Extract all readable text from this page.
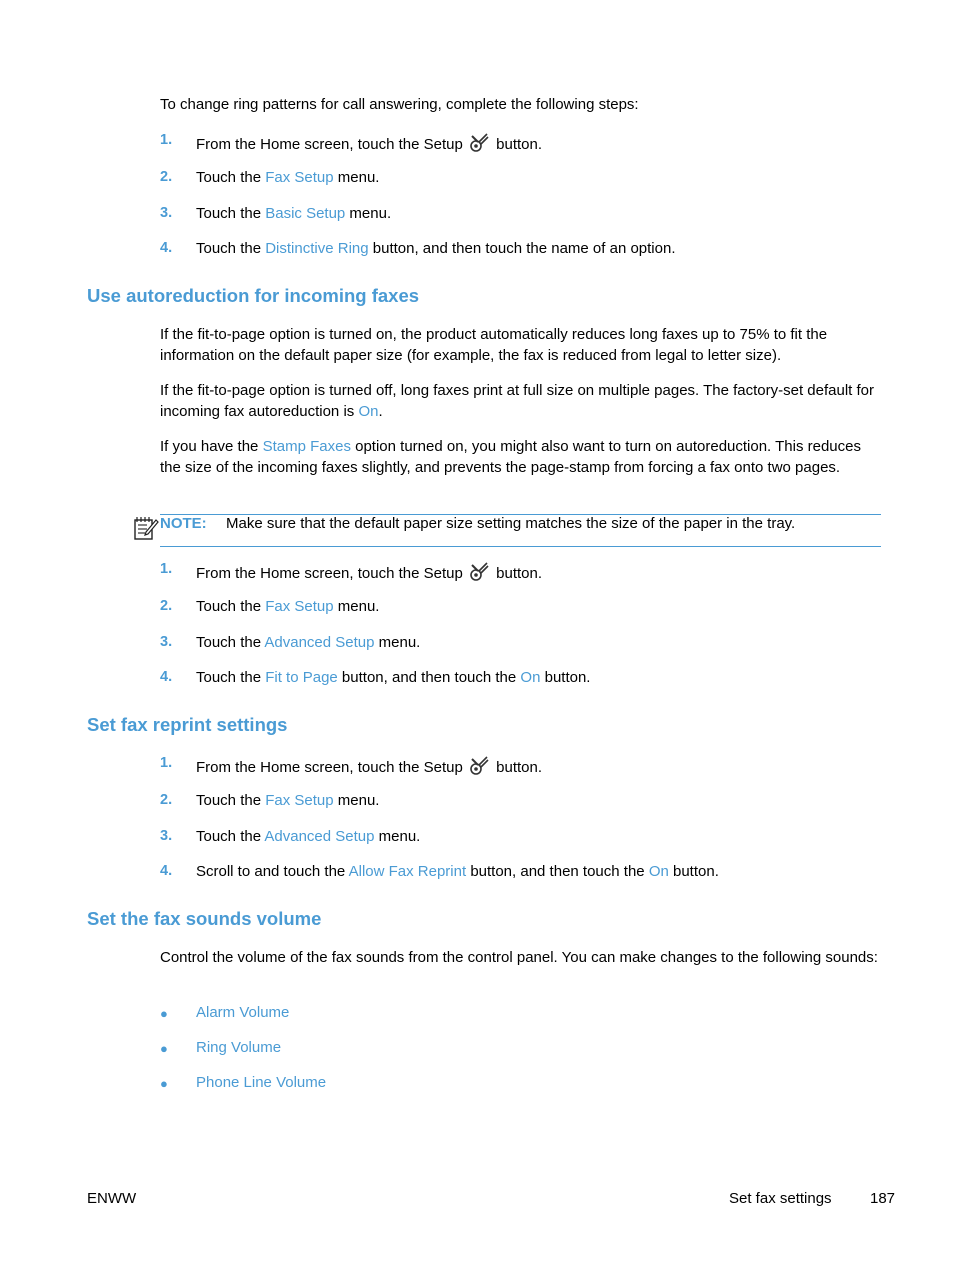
To change ring patterns for call answering, complete the following steps:
1. From the Home screen, touch the Setup button.
2. Touch the Fax Setup menu.
3. Touch the Basic Setup menu.
4. Touch the Distinctive Ring button, and then touch the name of an option.
Use autoreduction for incoming faxes
If the fit-to-page option is turned on, the product automatically reduces long faxes up to 75% to fit the information on the default paper size (for example, the fax is reduced from legal to letter size).
If the fit-to-page option is turned off, long faxes print at full size on multiple pages. The factory-set default for incoming fax autoreduction is On.
If you have the Stamp Faxes option turned on, you might also want to turn on autoreduction. This reduces the size of the incoming faxes slightly, and prevents the page-stamp from forcing a fax onto two pages.
NOTE: Make sure that the default paper size setting matches the size of the paper in the tray.
1. From the Home screen, touch the Setup button.
2. Touch the Fax Setup menu.
3. Touch the Advanced Setup menu.
4. Touch the Fit to Page button, and then touch the On button.
Set fax reprint settings
1. From the Home screen, touch the Setup button.
2. Touch the Fax Setup menu.
3. Touch the Advanced Setup menu.
4. Scroll to and touch the Allow Fax Reprint button, and then touch the On button.
Set the fax sounds volume
Control the volume of the fax sounds from the control panel. You can make changes to the following sounds:
● Alarm Volume
● Ring Volume
● Phone Line Volume
ENWW	Set fax settings	187
